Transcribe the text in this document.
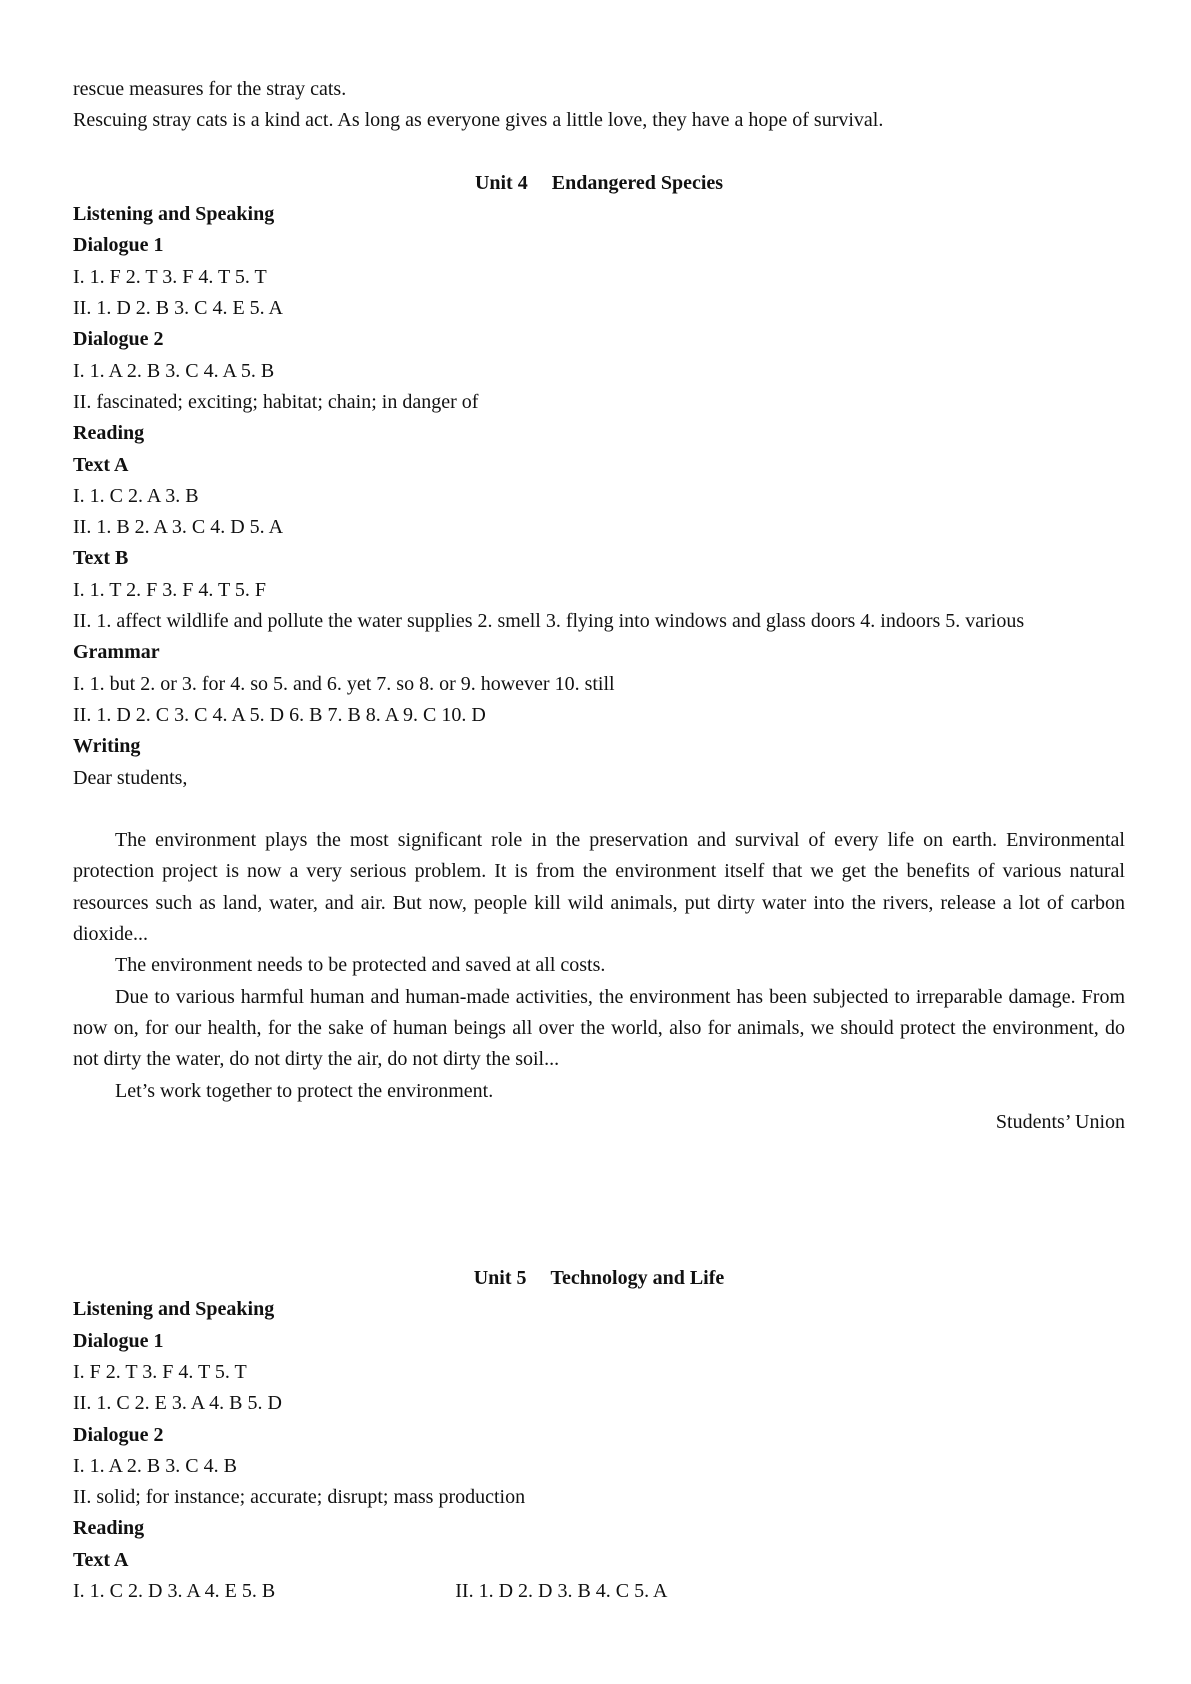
rescue measures for the stray cats.
Rescuing stray cats is a kind act. As long as everyone gives a little love, they have a hope of survival.
Unit 4 Endangered Species
Listening and Speaking
Dialogue 1
I. 1. F 2. T 3. F 4. T 5. T
II. 1. D 2. B 3. C 4. E 5. A
Dialogue 2
I. 1. A 2. B 3. C 4. A 5. B
II. fascinated; exciting; habitat; chain; in danger of
Reading
Text A
I. 1. C 2. A 3. B
II. 1. B 2. A 3. C 4. D 5. A
Text B
I. 1. T 2. F 3. F 4. T 5. F
II. 1. affect wildlife and pollute the water supplies 2. smell 3. flying into windows and glass doors 4. indoors 5. various
Grammar
I. 1. but 2. or 3. for 4. so 5. and 6. yet 7. so 8. or 9. however 10. still
II. 1. D 2. C 3. C 4. A 5. D 6. B 7. B 8. A 9. C 10. D
Writing
Dear students,
The environment plays the most significant role in the preservation and survival of every life on earth. Environmental protection project is now a very serious problem. It is from the environment itself that we get the benefits of various natural resources such as land, water, and air. But now, people kill wild animals, put dirty water into the rivers, release a lot of carbon dioxide...
The environment needs to be protected and saved at all costs.
Due to various harmful human and human-made activities, the environment has been subjected to irreparable damage. From now on, for our health, for the sake of human beings all over the world, also for animals, we should protect the environment, do not dirty the water, do not dirty the air, do not dirty the soil...
Let’s work together to protect the environment.
Students’ Union
Unit 5 Technology and Life
Listening and Speaking
Dialogue 1
I. F 2. T 3. F 4. T 5. T
II. 1. C 2. E 3. A 4. B 5. D
Dialogue 2
I. 1. A 2. B 3. C 4. B
II. solid; for instance; accurate; disrupt; mass production
Reading
Text A
I. 1. C 2. D 3. A 4. E 5. B	II. 1. D 2. D 3. B 4. C 5. A
